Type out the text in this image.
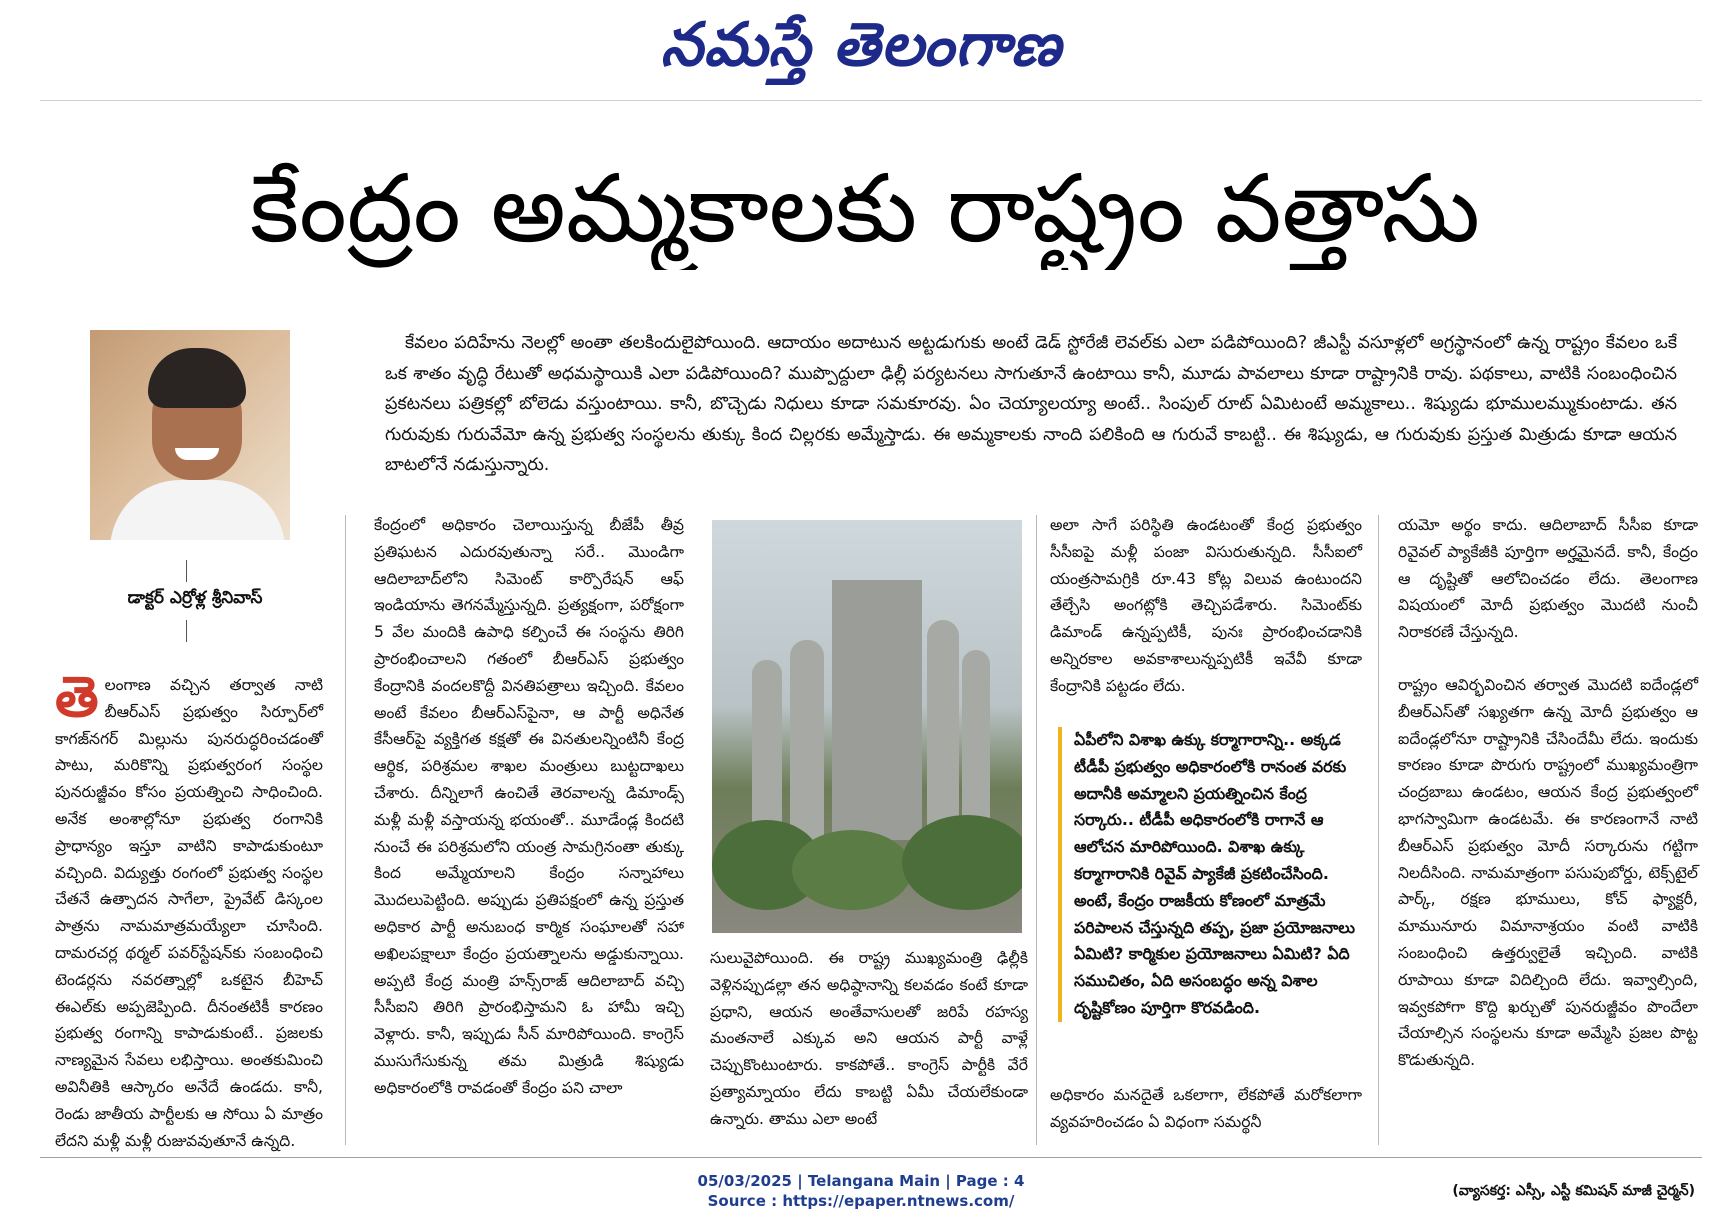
నమస్తే తెలంగాణ
కేంద్రం అమ్మకాలకు రాష్ట్రం వత్తాసు
డాక్టర్ ఎర్రోళ్ల శ్రీనివాస్
కేవలం పదిహేను నెలల్లో అంతా తలకిందులైపోయింది. ఆదాయం అదాటున అట్టడుగుకు అంటే డెడ్ స్టోరేజీ లెవల్‌కు ఎలా పడిపోయింది? జీఎస్టీ వసూళ్లలో అగ్రస్థానంలో ఉన్న రాష్ట్రం కేవలం ఒకే ఒక శాతం వృద్ధి రేటుతో అధమస్థాయికి ఎలా పడిపోయింది? ముప్పొద్దులా ఢిల్లీ పర్యటనలు సాగుతూనే ఉంటాయి కానీ, మూడు పావలాలు కూడా రాష్ట్రానికి రావు. పథకాలు, వాటికి సంబంధించిన ప్రకటనలు పత్రికల్లో బోలెడు వస్తుంటాయి. కానీ, బొచ్చెడు నిధులు కూడా సమకూరవు. ఏం చెయ్యాలయ్యా అంటే.. సింపుల్ రూట్ ఏమిటంటే అమ్మకాలు.. శిష్యుడు భూములమ్ముకుంటాడు. తన గురువుకు గురువేమో ఉన్న ప్రభుత్వ సంస్థలను తుక్కు కింద చిల్లరకు అమ్మేస్తాడు. ఈ అమ్మకాలకు నాంది పలికింది ఆ గురువే కాబట్టి.. ఈ శిష్యుడు, ఆ గురువుకు ప్రస్తుత మిత్రుడు కూడా ఆయన బాటలోనే నడుస్తున్నారు.
తె లంగాణ వచ్చిన తర్వాత నాటి బీఆర్‌ఎస్ ప్రభుత్వం సిర్పూర్‌లో కాగజ్‌నగర్ మిల్లును పునరుద్ధరించడంతో పాటు, మరికొన్ని ప్రభుత్వరంగ సంస్థల పునరుజ్జీవం కోసం ప్రయత్నించి సాధించింది. అనేక అంశాల్లోనూ ప్రభుత్వ రంగానికి ప్రాధాన్యం ఇస్తూ వాటిని కాపాడుకుంటూ వచ్చింది. విద్యుత్తు రంగంలో ప్రభుత్వ సంస్థల చేతనే ఉత్పాదన సాగేలా, ప్రైవేట్ డిస్కంల పాత్రను నామమాత్రమయ్యేలా చూసింది. దామరచర్ల థర్మల్ పవర్‌స్టేషన్‌కు సంబంధించి టెండర్లను నవరత్నాల్లో ఒకటైన బీహెచ్ ఈఎల్‌కు అప్పజెప్పింది. దీనంతటికీ కారణం ప్రభుత్వ రంగాన్ని కాపాడుకుంటే.. ప్రజలకు నాణ్యమైన సేవలు లభిస్తాయి. అంతకుమించి అవినీతికి ఆస్కారం అనేదే ఉండదు. కానీ, రెండు జాతీయ పార్టీలకు ఆ సోయి ఏ మాత్రం లేదని మళ్లీ మళ్లీ రుజువవుతూనే ఉన్నది.
కేంద్రంలో అధికారం చెలాయిస్తున్న బీజేపీ తీవ్ర ప్రతిఘటన ఎదురవుతున్నా సరే.. మొండిగా ఆదిలాబాద్‌లోని సిమెంట్ కార్పొరేషన్ ఆఫ్ ఇండియాను తెగనమ్మేస్తున్నది. ప్రత్యక్షంగా, పరోక్షంగా 5 వేల మందికి ఉపాధి కల్పించే ఈ సంస్థను తిరిగి ప్రారంభించాలని గతంలో బీఆర్‌ఎస్ ప్రభుత్వం కేంద్రానికి వందలకొద్దీ వినతిపత్రాలు ఇచ్చింది. కేవలం అంటే కేవలం బీఆర్‌ఎస్‌పైనా, ఆ పార్టీ అధినేత కేసీఆర్‌పై వ్యక్తిగత కక్షతో ఈ వినతులన్నింటినీ కేంద్ర ఆర్థిక, పరిశ్రమల శాఖల మంత్రులు బుట్టదాఖలు చేశారు. దీన్నిలాగే ఉంచితే తెరవాలన్న డిమాండ్స్ మళ్లీ మళ్లీ వస్తాయన్న భయంతో.. మూడేండ్ల కిందటి నుంచే ఈ పరిశ్రమలోని యంత్ర సామగ్రినంతా తుక్కు కింద అమ్మేయాలని కేంద్రం సన్నాహాలు మొదలుపెట్టింది. అప్పుడు ప్రతిపక్షంలో ఉన్న ప్రస్తుత అధికార పార్టీ అనుబంధ కార్మిక సంఘాలతో సహా అఖిలపక్షాలూ కేంద్రం ప్రయత్నాలను అడ్డుకున్నాయి. అప్పటి కేంద్ర మంత్రి హన్స్‌రాజ్ ఆదిలాబాద్ వచ్చి సీసీఐని తిరిగి ప్రారంభిస్తామని ఓ హామీ ఇచ్చి వెళ్లారు. కానీ, ఇప్పుడు సీన్ మారిపోయింది. కాంగ్రెస్ ముసుగేసుకున్న తమ మిత్రుడి శిష్యుడు అధికారంలోకి రావడంతో కేంద్రం పని చాలా
సులువైపోయింది. ఈ రాష్ట్ర ముఖ్యమంత్రి ఢిల్లీకి వెళ్లినప్పుడల్లా తన అధిష్ఠానాన్ని కలవడం కంటే కూడా ప్రధాని, ఆయన అంతేవాసులతో జరిపే రహస్య మంతనాలే ఎక్కువ అని ఆయన పార్టీ వాళ్లే చెప్పుకొంటుంటారు. కాకపోతే.. కాంగ్రెస్ పార్టీకి వేరే ప్రత్యామ్నాయం లేదు కాబట్టి ఏమీ చేయలేకుండా ఉన్నారు. తాము ఎలా అంటే
అలా సాగే పరిస్థితి ఉండటంతో కేంద్ర ప్రభుత్వం సీసీఐపై మళ్లీ పంజా విసురుతున్నది. సీసీఐలో యంత్రసామగ్రికి రూ.43 కోట్ల విలువ ఉంటుందని తేల్చేసి అంగట్లోకి తెచ్చిపడేశారు. సిమెంట్‌కు డిమాండ్ ఉన్నప్పటికీ, పునః ప్రారంభించడానికి అన్నిరకాల అవకాశాలున్నప్పటికీ ఇవేవీ కూడా కేంద్రానికి పట్టడం లేదు.
ఏపీలోని విశాఖ ఉక్కు కర్మాగారాన్ని.. అక్కడ టీడీపీ ప్రభుత్వం అధికారంలోకి రానంత వరకు అదానీకి అమ్మాలని ప్రయత్నించిన కేంద్ర సర్కారు.. టీడీపీ అధికారంలోకి రాగానే ఆ ఆలోచన మారిపోయింది. విశాఖ ఉక్కు కర్మాగారానికి రివైవ్ ప్యాకేజీ ప్రకటించేసింది. అంటే, కేంద్రం రాజకీయ కోణంలో మాత్రమే పరిపాలన చేస్తున్నది తప్ప, ప్రజా ప్రయోజనాలు ఏమిటి? కార్మికుల ప్రయోజనాలు ఏమిటి? ఏది సముచితం, ఏది అసంబద్ధం అన్న విశాల దృష్టికోణం పూర్తిగా కొరవడింది.
అధికారం మనదైతే ఒకలాగా, లేకపోతే మరోకలాగా వ్యవహరించడం ఏ విధంగా సమర్థనీ
యమో అర్థం కాదు. ఆదిలాబాద్ సీసీఐ కూడా రివైవల్ ప్యాకేజీకి పూర్తిగా అర్హమైనదే. కానీ, కేంద్రం ఆ దృష్టితో ఆలోచించడం లేదు. తెలంగాణ విషయంలో మోదీ ప్రభుత్వం మొదటి నుంచీ నిరాకరణే చేస్తున్నది.
రాష్ట్రం ఆవిర్భవించిన తర్వాత మొదటి ఐదేండ్లలో బీఆర్‌ఎస్‌తో సఖ్యతగా ఉన్న మోదీ ప్రభుత్వం ఆ ఐదేండ్లలోనూ రాష్ట్రానికి చేసిందేమీ లేదు. ఇందుకు కారణం కూడా పొరుగు రాష్ట్రంలో ముఖ్యమంత్రిగా చంద్రబాబు ఉండటం, ఆయన కేంద్ర ప్రభుత్వంలో భాగస్వామిగా ఉండటమే. ఈ కారణంగానే నాటి బీఆర్‌ఎస్ ప్రభుత్వం మోదీ సర్కారును గట్టిగా నిలదీసింది. నామమాత్రంగా పసుపుబోర్డు, టెక్స్‌టైల్ పార్క్, రక్షణ భూములు, కోచ్ ఫ్యాక్టరీ, మామునూరు విమానాశ్రయం వంటి వాటికి సంబంధించి ఉత్తర్వులైతే ఇచ్చింది. వాటికి రూపాయి కూడా విదిల్చింది లేదు. ఇవ్వాల్సింది, ఇవ్వకపోగా కొద్ది ఖర్చుతో పునరుజ్జీవం పొందేలా చేయాల్సిన సంస్థలను కూడా అమ్మేసి ప్రజల పొట్ట కొడుతున్నది.
(వ్యాసకర్త: ఎస్సీ, ఎస్టీ కమిషన్ మాజీ చైర్మన్)
05/03/2025 | Telangana Main | Page : 4
Source : https://epaper.ntnews.com/
